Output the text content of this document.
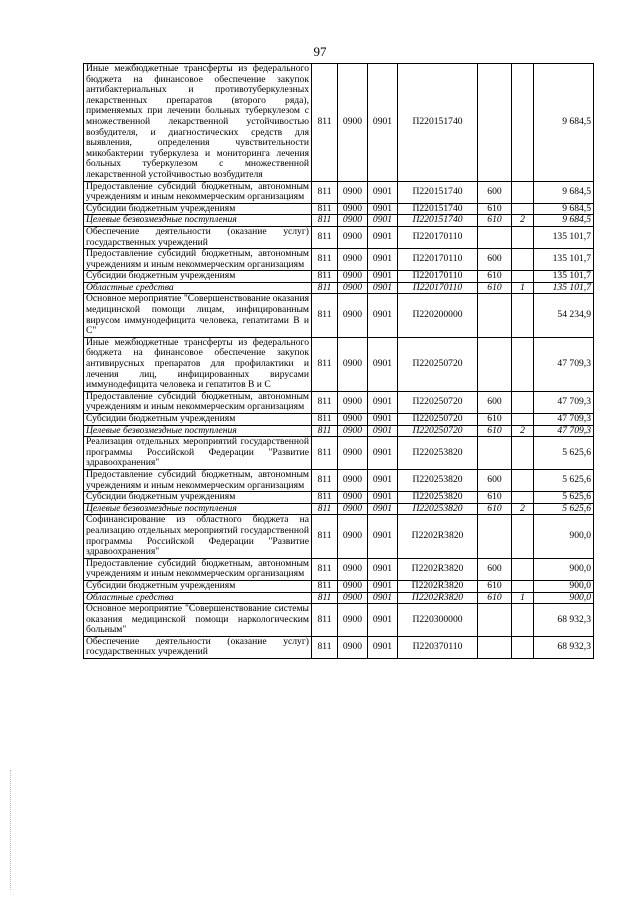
97
Иные межбюджетные трансферты из федерального бюджета на финансовое обеспечение закупок антибактериальных и противотуберкулезных лекарственных препаратов (второго ряда), применяемых при лечении больных туберкулезом с множественной лекарственной устойчивостью возбудителя, и диагностических средств для выявления, определения чувствительности микобактерии туберкулеза и мониторинга лечения больных туберкулезом с множественной лекарственной устойчивостью возбудителя	811	0900	0901	П220151740			9 684,5
Предоставление субсидий бюджетным, автономным учреждениям и иным некоммерческим организациям	811	0900	0901	П220151740	600		9 684,5
Субсидии бюджетным учреждениям	811	0900	0901	П220151740	610		9 684,5
Целевые безвозмездные поступления	811	0900	0901	П220151740	610	2	9 684,5
Обеспечение деятельности (оказание услуг) государственных учреждений	811	0900	0901	П220170110			135 101,7
Предоставление субсидий бюджетным, автономным учреждениям и иным некоммерческим организациям	811	0900	0901	П220170110	600		135 101,7
Субсидии бюджетным учреждениям	811	0900	0901	П220170110	610		135 101,7
Областные средства	811	0900	0901	П220170110	610	1	135 101,7
Основное мероприятие "Совершенствование оказания медицинской помощи лицам, инфицированным вирусом иммунодефицита человека, гепатитами В и С"	811	0900	0901	П220200000			54 234,9
Иные межбюджетные трансферты из федерального бюджета на финансовое обеспечение закупок антивирусных препаратов для профилактики и лечения лиц, инфицированных вирусами иммунодефицита человека и гепатитов В и С	811	0900	0901	П220250720			47 709,3
Предоставление субсидий бюджетным, автономным учреждениям и иным некоммерческим организациям	811	0900	0901	П220250720	600		47 709,3
Субсидии бюджетным учреждениям	811	0900	0901	П220250720	610		47 709,3
Целевые безвозмездные поступления	811	0900	0901	П220250720	610	2	47 709,3
Реализация отдельных мероприятий государственной программы Российской Федерации "Развитие здравоохранения"	811	0900	0901	П220253820			5 625,6
Предоставление субсидий бюджетным, автономным учреждениям и иным некоммерческим организациям	811	0900	0901	П220253820	600		5 625,6
Субсидии бюджетным учреждениям	811	0900	0901	П220253820	610		5 625,6
Целевые безвозмездные поступления	811	0900	0901	П220253820	610	2	5 625,6
Софинансирование из областного бюджета на реализацию отдельных мероприятий государственной программы Российской Федерации "Развитие здравоохранения"	811	0900	0901	П2202R3820			900,0
Предоставление субсидий бюджетным, автономным учреждениям и иным некоммерческим организациям	811	0900	0901	П2202R3820	600		900,0
Субсидии бюджетным учреждениям	811	0900	0901	П2202R3820	610		900,0
Областные средства	811	0900	0901	П2202R3820	610	1	900,0
Основное мероприятие "Совершенствование системы оказания медицинской помощи наркологическим больным"	811	0900	0901	П220300000			68 932,3
Обеспечение деятельности (оказание услуг) государственных учреждений	811	0900	0901	П220370110			68 932,3
